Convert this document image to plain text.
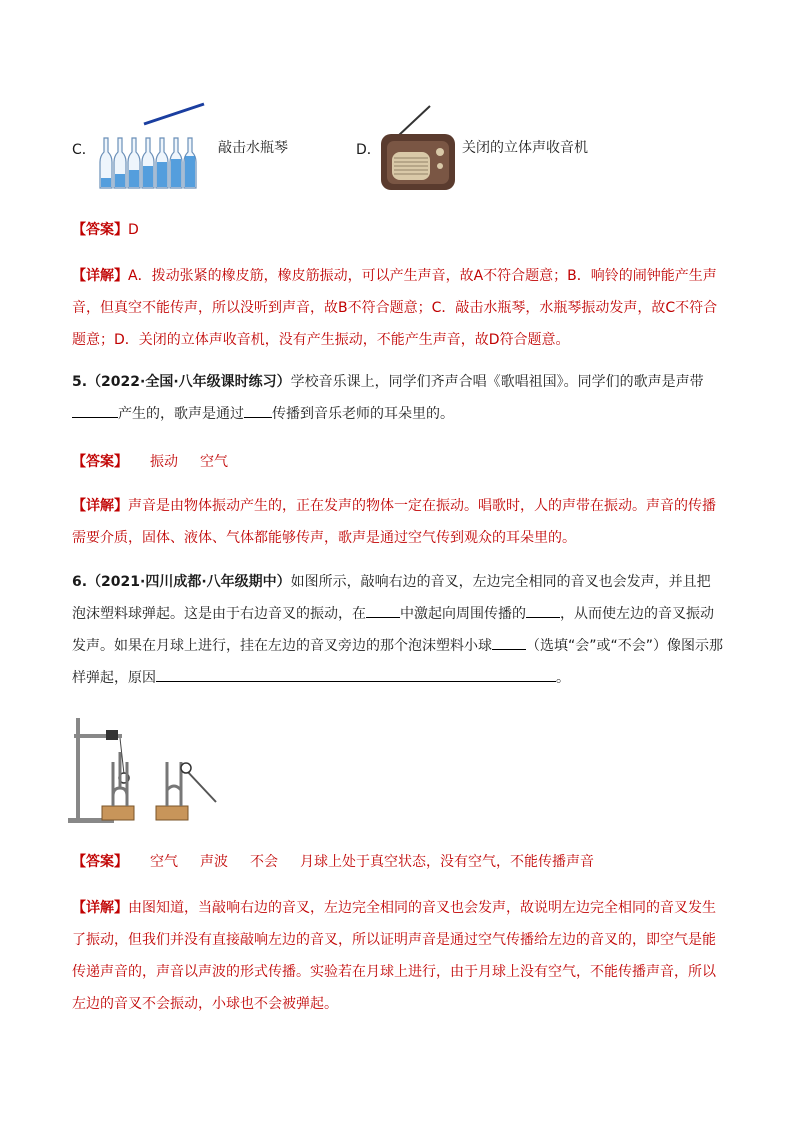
C．	敲击水瓶琴	D．	关闭的立体声收音机
【答案】D
【详解】A．拨动张紧的橡皮筋，橡皮筋振动，可以产生声音，故A不符合题意；B．响铃的闹钟能产生声音，但真空不能传声，所以没听到声音，故B不符合题意；C．敲击水瓶琴，水瓶琴振动发声，故C不符合题意；D．关闭的立体声收音机，没有产生振动，不能产生声音，故D符合题意。
5.（2022·全国·八年级课时练习）学校音乐课上，同学们齐声合唱《歌唱祖国》。同学们的歌声是声带产生的，歌声是通过 传播到音乐老师的耳朵里的。
【答案】 振动 空气
【详解】声音是由物体振动产生的，正在发声的物体一定在振动。唱歌时，人的声带在振动。声音的传播需要介质，固体、液体、气体都能够传声，歌声是通过空气传到观众的耳朵里的。
6.（2021·四川成都·八年级期中）如图所示，敲响右边的音叉，左边完全相同的音叉也会发声，并且把泡沫塑料球弹起。这是由于右边音叉的振动，在 中激起向周围传播的 ，从而使左边的音叉振动发声。如果在月球上进行，挂在左边的音叉旁边的那个泡沫塑料小球 （选填“会”或“不会”）像图示那样弹起，原因	。
【答案】 空气 声波 不会 月球上处于真空状态，没有空气，不能传播声音
【详解】由图知道，当敲响右边的音叉，左边完全相同的音叉也会发声，故说明左边完全相同的音叉发生了振动，但我们并没有直接敲响左边的音叉，所以证明声音是通过空气传播给左边的音叉的，即空气是能传递声音的，声音以声波的形式传播。实验若在月球上进行，由于月球上没有空气，不能传播声音，所以左边的音叉不会振动，小球也不会被弹起。
